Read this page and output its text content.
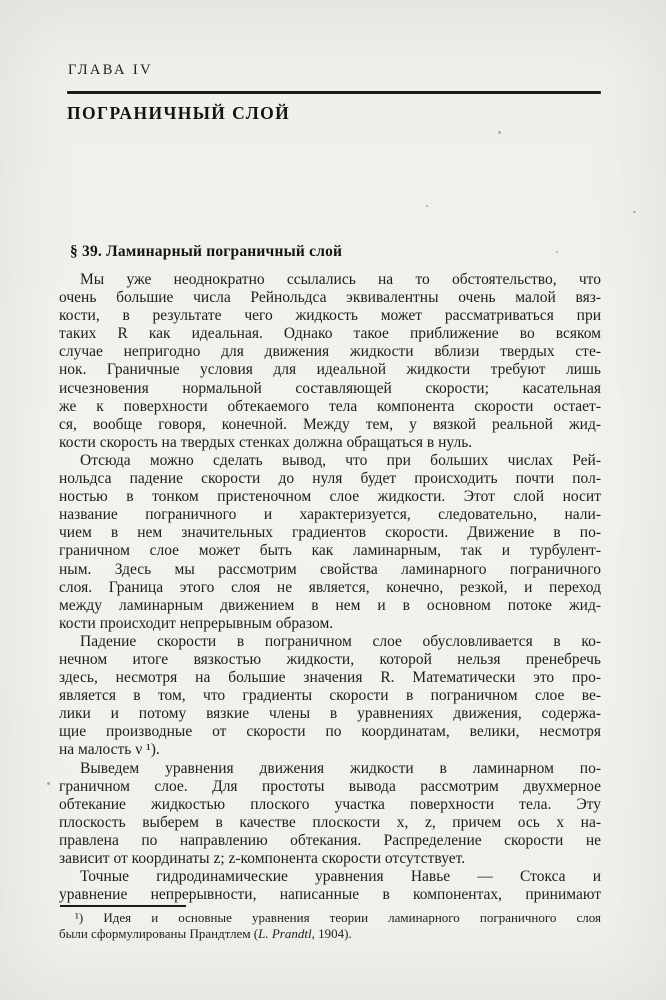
ГЛАВА IV
ПОГРАНИЧНЫЙ СЛОЙ
§ 39. Ламинарный пограничный слой
Мы уже неоднократно ссылались на то обстоятельство, что
очень большие числа Рейнольдса эквивалентны очень малой вяз-
кости, в результате чего жидкость может рассматриваться при
таких R как идеальная. Однако такое приближение во всяком
случае непригодно для движения жидкости вблизи твердых сте-
нок. Граничные условия для идеальной жидкости требуют лишь
исчезновения нормальной составляющей скорости; касательная
же к поверхности обтекаемого тела компонента скорости остает-
ся, вообще говоря, конечной. Между тем, у вязкой реальной жид-
кости скорость на твердых стенках должна обращаться в нуль.
Отсюда можно сделать вывод, что при больших числах Рей-
нольдса падение скорости до нуля будет происходить почти пол-
ностью в тонком пристеночном слое жидкости. Этот слой носит
название пограничного и характеризуется, следовательно, нали-
чием в нем значительных градиентов скорости. Движение в по-
граничном слое может быть как ламинарным, так и турбулент-
ным. Здесь мы рассмотрим свойства ламинарного пограничного
слоя. Граница этого слоя не является, конечно, резкой, и переход
между ламинарным движением в нем и в основном потоке жид-
кости происходит непрерывным образом.
Падение скорости в пограничном слое обусловливается в ко-
нечном итоге вязкостью жидкости, которой нельзя пренебречь
здесь, несмотря на большие значения R. Математически это про-
является в том, что градиенты скорости в пограничном слое ве-
лики и потому вязкие члены в уравнениях движения, содержа-
щие производные от скорости по координатам, велики, несмотря
на малость ν ¹).
Выведем уравнения движения жидкости в ламинарном по-
граничном слое. Для простоты вывода рассмотрим двухмерное
обтекание жидкостью плоского участка поверхности тела. Эту
плоскость выберем в качестве плоскости x, z, причем ось x на-
правлена по направлению обтекания. Распределение скорости не
зависит от координаты z; z-компонента скорости отсутствует.
Точные гидродинамические уравнения Навье — Стокса и
уравнение непрерывности, написанные в компонентах, принимают
¹) Идея и основные уравнения теории ламинарного пограничного слоя
были сформулированы Прандтлем (L. Prandtl, 1904).
